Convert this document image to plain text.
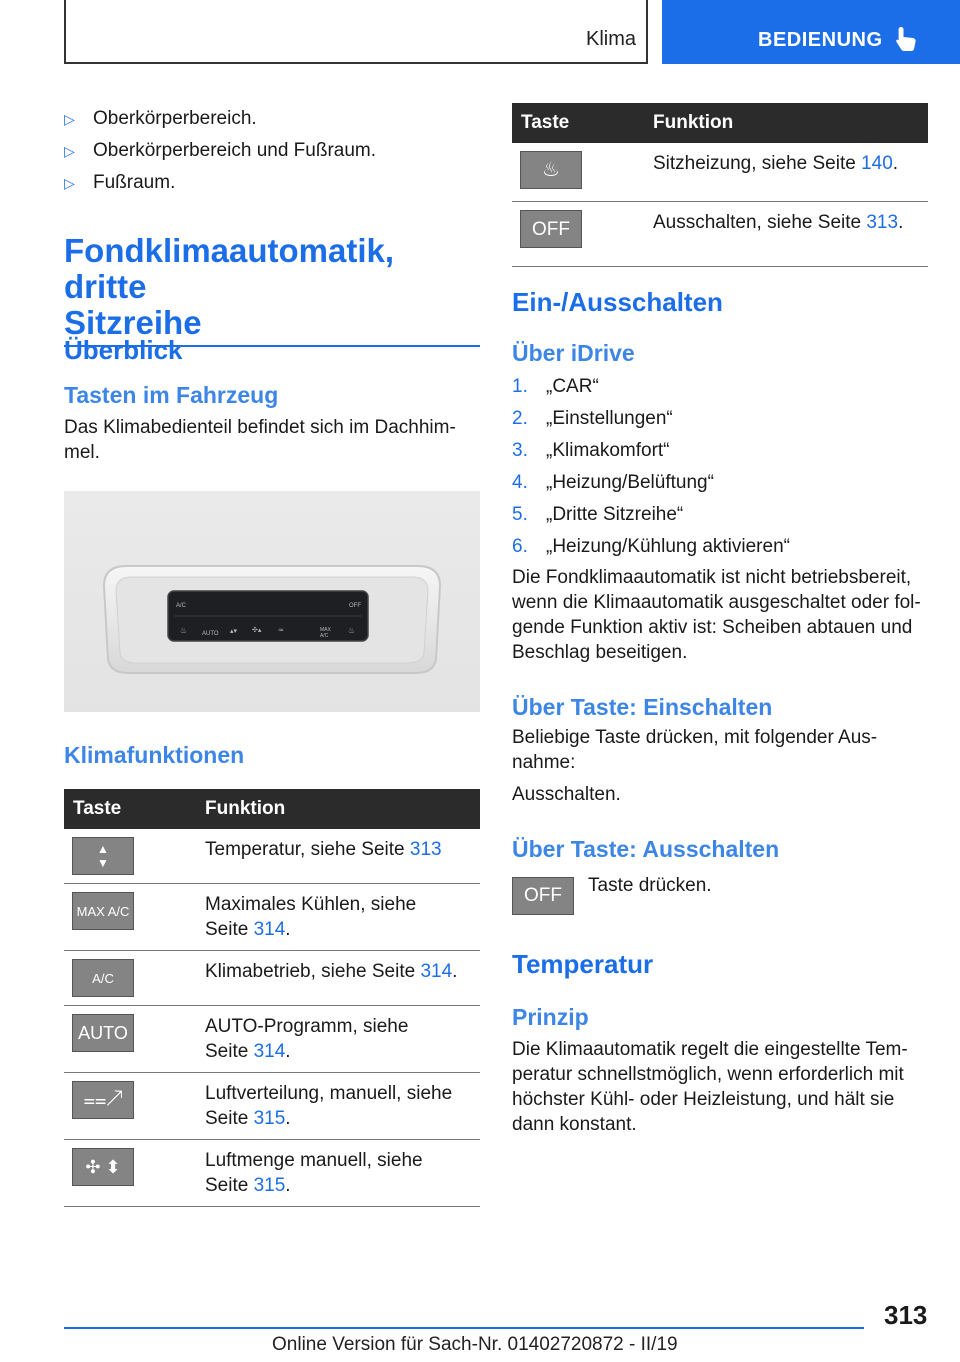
Klima	BEDIENUNG
▷ Oberkörperbereich.
▷ Oberkörperbereich und Fußraum.
▷ Fußraum.
Fondklimaautomatik, dritte
Sitzreihe
Überblick
Tasten im Fahrzeug

Das Klimabedienteil befindet sich im Dachhim-
mel.

A/C	OFF
AUTO
MAX
A/C
▴▾ ✣▴ ≈
♨	♨
Klimafunktionen
Taste	Funktion

▲
▼	Temperatur, siehe Seite 313

MAX A/C	Maximales Kühlen, siehe
Seite 314.

A/C	Klimabetrieb, siehe Seite 314.

AUTO	AUTO-Programm, siehe
Seite 314.

⩵↗	Luftverteilung, manuell, siehe
Seite 315.

✣ ⬍	Luftmenge manuell, siehe
Seite 315.
Taste	Funktion

♨	Sitzheizung, siehe Seite 140.

OFF	Ausschalten, siehe Seite 313.
Ein-/Ausschalten
Über iDrive
1. „CAR“
2. „Einstellungen“
3. „Klimakomfort“
4. „Heizung/Belüftung“
5. „Dritte Sitzreihe“
6. „Heizung/Kühlung aktivieren“

Die Fondklimaautomatik ist nicht betriebsbereit,
wenn die Klimaautomatik ausgeschaltet oder fol-
gende Funktion aktiv ist: Scheiben abtauen und
Beschlag beseitigen.

Über Taste: Einschalten

Beliebige Taste drücken, mit folgender Aus-
nahme:

Ausschalten.

Über Taste: Ausschalten
OFF	Taste drücken.
Temperatur
Prinzip

Die Klimaautomatik regelt die eingestellte Tem-
peratur schnellstmöglich, wenn erforderlich mit
höchster Kühl- oder Heizleistung, und hält sie
dann konstant.

313
Online Version für Sach-Nr. 01402720872 - II/19
